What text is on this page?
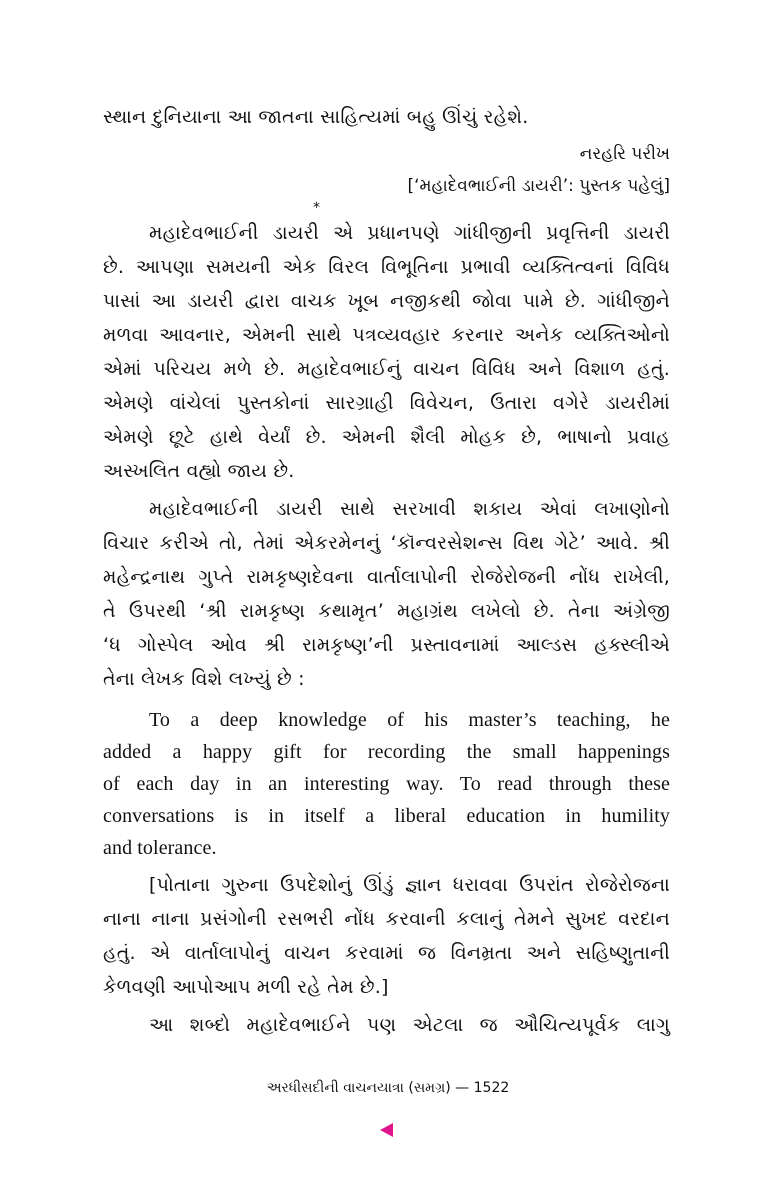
સ્થાન દુનિયાના આ જાતના સાહિત્યમાં બહુ ઊંચું રહેશે.
નરહરિ પરીખ
[‘મહાદેવભાઈની ડાયરી’: પુસ્તક પહેલું]
*
મહાદેવભાઈની ડાયરી એ પ્રધાનપણે ગાંધીજીની પ્રવૃત્તિની ડાયરી
છે. આપણા સમયની એક વિરલ વિભૂતિના પ્રભાવી વ્યક્તિત્વનાં વિવિધ
પાસાં આ ડાયરી દ્વારા વાચક ખૂબ નજીકથી જોવા પામે છે. ગાંધીજીને
મળવા આવનાર, એમની સાથે પત્રવ્યવહાર કરનાર અનેક વ્યક્તિઓનો
એમાં પરિચય મળે છે. મહાદેવભાઈનું વાચન વિવિધ અને વિશાળ હતું.
એમણે વાંચેલાં પુસ્તકોનાં સારગ્રાહી વિવેચન, ઉતારા વગેરે ડાયરીમાં
એમણે છૂટે હાથે વેર્યાં છે. એમની શૈલી મોહક છે, ભાષાનો પ્રવાહ
અસ્ખલિત વહ્યો જાય છે.
મહાદેવભાઈની ડાયરી સાથે સરખાવી શકાય એવાં લખાણોનો
વિચાર કરીએ તો, તેમાં એકરમેનનું ‘કૉન્વરસેશન્સ વિથ ગેટે’ આવે. શ્રી
મહેન્દ્રનાથ ગુપ્તે રામકૃષ્ણદેવના વાર્તાલાપોની રોજેરોજની નોંધ રાખેલી,
તે ઉપરથી ‘શ્રી રામકૃષ્ણ કથામૃત’ મહાગ્રંથ લખેલો છે. તેના અંગ્રેજી
‘ધ ગોસ્પેલ ઓવ શ્રી રામકૃષ્ણ’ની પ્રસ્તાવનામાં આલ્ડસ હક્સ્લીએ
તેના લેખક વિશે લખ્યું છે :
To a deep knowledge of his master’s teaching, he
added a happy gift for recording the small happenings
of each day in an interesting way. To read through these
conversations is in itself a liberal education in humility
and tolerance.
[પોતાના ગુરુના ઉપદેશોનું ઊંડું જ્ઞાન ધરાવવા ઉપરાંત રોજેરોજના
નાના નાના પ્રસંગોની રસભરી નોંધ કરવાની કલાનું તેમને સુખદ વરદાન
હતું. એ વાર્તાલાપોનું વાચન કરવામાં જ વિનમ્રતા અને સહિષ્ણુતાની
કેળવણી આપોઆપ મળી રહે તેમ છે.]
આ શબ્દો મહાદેવભાઈને પણ એટલા જ ઔચિત્યપૂર્વક લાગુ
અરધીસદીની વાચનયાત્રા (સમગ્ર) — 1522
